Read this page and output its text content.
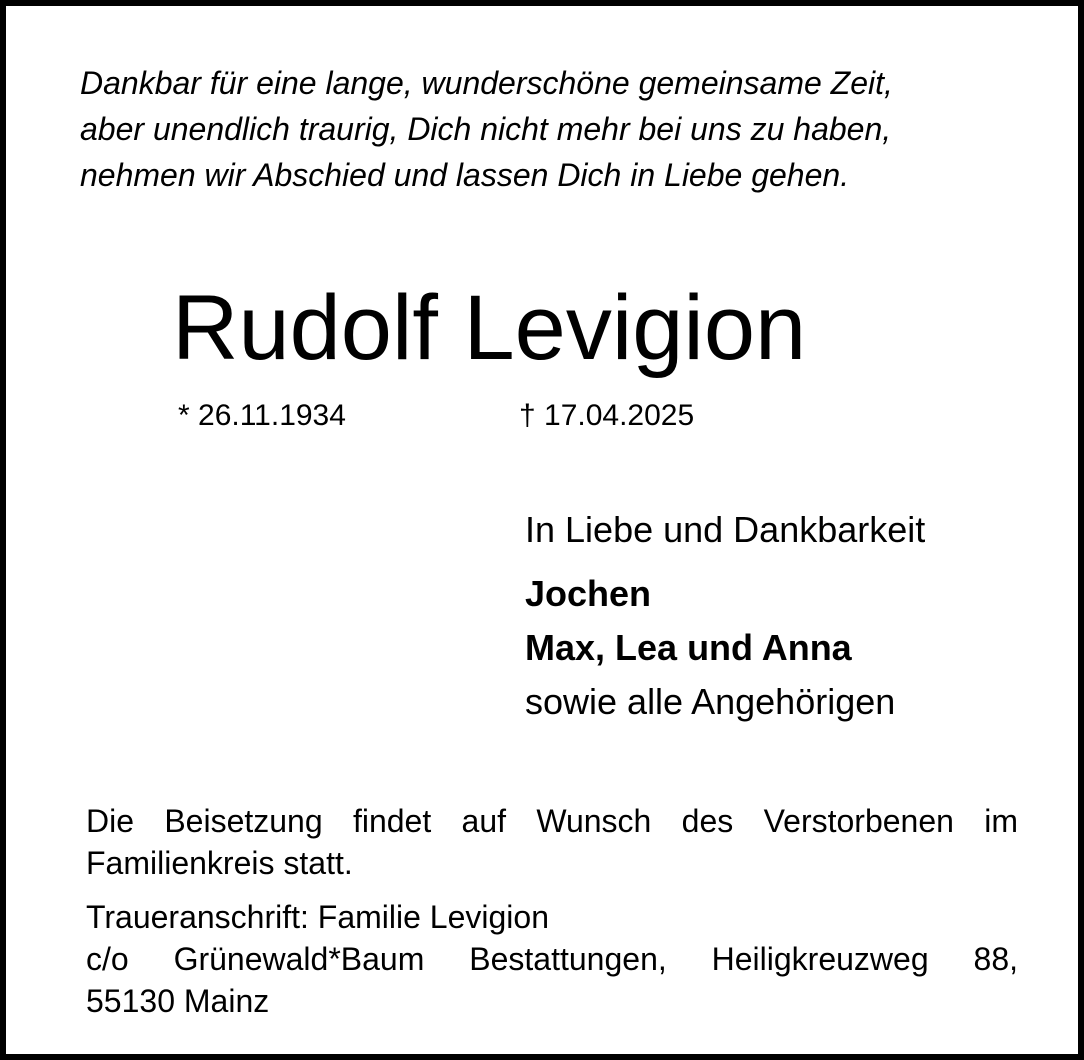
Dankbar für eine lange, wunderschöne gemeinsame Zeit,
aber unendlich traurig, Dich nicht mehr bei uns zu haben,
nehmen wir Abschied und lassen Dich in Liebe gehen.
Rudolf Levigion
* 26.11.1934	† 17.04.2025
In Liebe und Dankbarkeit
Jochen
Max, Lea und Anna
sowie alle Angehörigen
Die Beisetzung findet auf Wunsch des Verstorbenen im
Familienkreis statt.
Traueranschrift: Familie Levigion
c/o Grünewald*Baum Bestattungen, Heiligkreuzweg 88,
55130 Mainz
